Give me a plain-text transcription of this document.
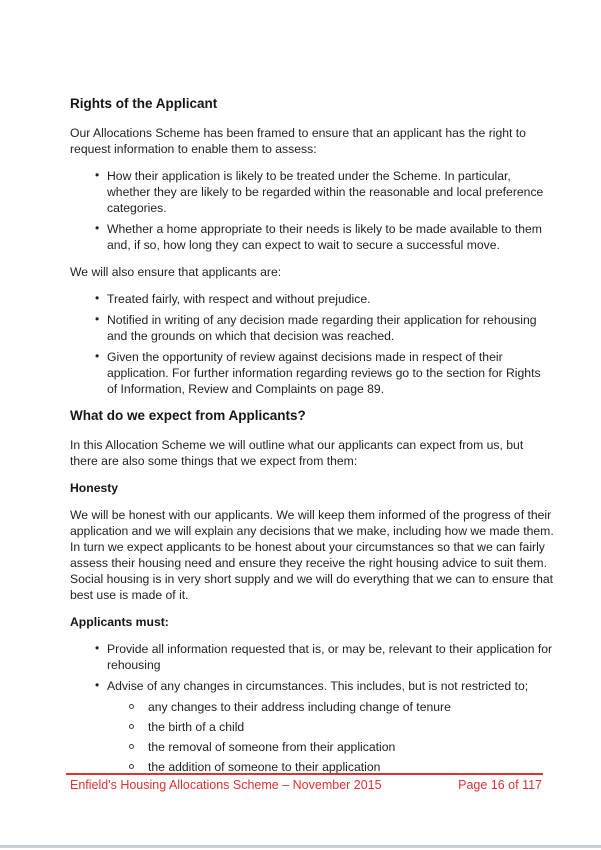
Rights of the Applicant

Our Allocations Scheme has been framed to ensure that an applicant has the right to request information to enable them to assess:

• How their application is likely to be treated under the Scheme. In particular, whether they are likely to be regarded within the reasonable and local preference categories.
• Whether a home appropriate to their needs is likely to be made available to them and, if so, how long they can expect to wait to secure a successful move.

We will also ensure that applicants are:

• Treated fairly, with respect and without prejudice.
• Notified in writing of any decision made regarding their application for rehousing and the grounds on which that decision was reached.
• Given the opportunity of review against decisions made in respect of their application. For further information regarding reviews go to the section for Rights of Information, Review and Complaints on page 89.
What do we expect from Applicants?

In this Allocation Scheme we will outline what our applicants can expect from us, but there are also some things that we expect from them:

Honesty

We will be honest with our applicants. We will keep them informed of the progress of their application and we will explain any decisions that we make, including how we made them. In turn we expect applicants to be honest about your circumstances so that we can fairly assess their housing need and ensure they receive the right housing advice to suit them. Social housing is in very short supply and we will do everything that we can to ensure that best use is made of it.

Applicants must:
• Provide all information requested that is, or may be, relevant to their application for rehousing
• Advise of any changes in circumstances. This includes, but is not restricted to;
any changes to their address including change of tenure
the birth of a child
the removal of someone from their application
the addition of someone to their application
Enfield's Housing Allocations Scheme – November 2015	Page 16 of 117
